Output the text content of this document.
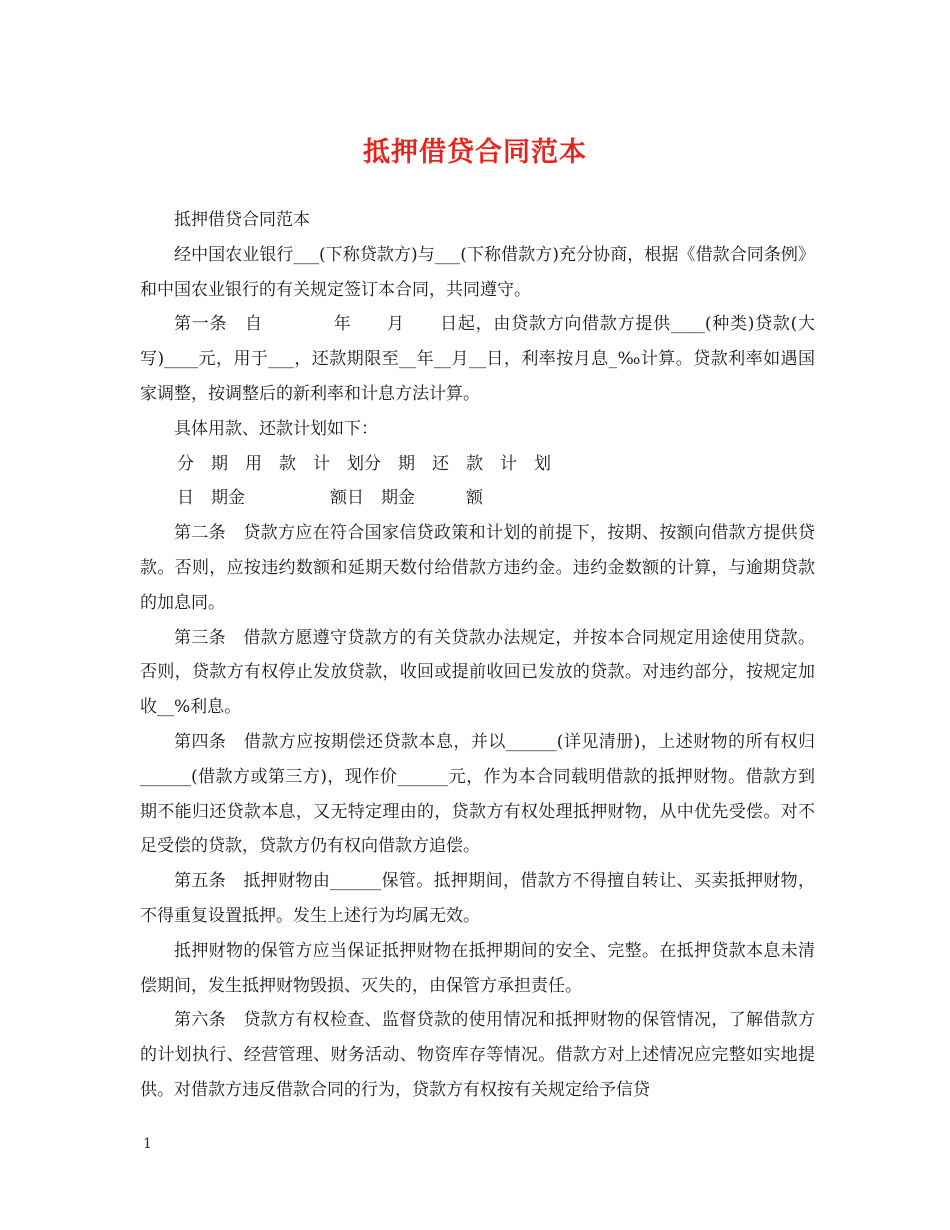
抵押借贷合同范本

抵押借贷合同范本

经中国农业银行___(下称贷款方)与___(下称借款方)充分协商，根据《借款合同条例》和中国农业银行的有关规定签订本合同，共同遵守。

第一条　自　　　　年　　月　　日起，由贷款方向借款方提供____(种类)贷款(大写)____元，用于___，还款期限至__年__月__日，利率按月息_‰计算。贷款利率如遇国家调整，按调整后的新利率和计息方法计算。

具体用款、还款计划如下：

分　期　用　款　计　划分　期　还　款　计　划
日　期金　　　　　额日　期金　　　额

第二条　贷款方应在符合国家信贷政策和计划的前提下，按期、按额向借款方提供贷款。否则，应按违约数额和延期天数付给借款方违约金。违约金数额的计算，与逾期贷款的加息同。

第三条　借款方愿遵守贷款方的有关贷款办法规定，并按本合同规定用途使用贷款。否则，贷款方有权停止发放贷款，收回或提前收回已发放的贷款。对违约部分，按规定加收__%利息。

第四条　借款方应按期偿还贷款本息，并以______(详见清册)，上述财物的所有权归______(借款方或第三方)，现作价______元，作为本合同载明借款的抵押财物。借款方到期不能归还贷款本息，又无特定理由的，贷款方有权处理抵押财物，从中优先受偿。对不足受偿的贷款，贷款方仍有权向借款方追偿。

第五条　抵押财物由______保管。抵押期间，借款方不得擅自转让、买卖抵押财物，不得重复设置抵押。发生上述行为均属无效。

抵押财物的保管方应当保证抵押财物在抵押期间的安全、完整。在抵押贷款本息未清偿期间，发生抵押财物毁损、灭失的，由保管方承担责任。

第六条　贷款方有权检查、监督贷款的使用情况和抵押财物的保管情况，了解借款方的计划执行、经营管理、财务活动、物资库存等情况。借款方对上述情况应完整如实地提供。对借款方违反借款合同的行为，贷款方有权按有关规定给予信贷

1
